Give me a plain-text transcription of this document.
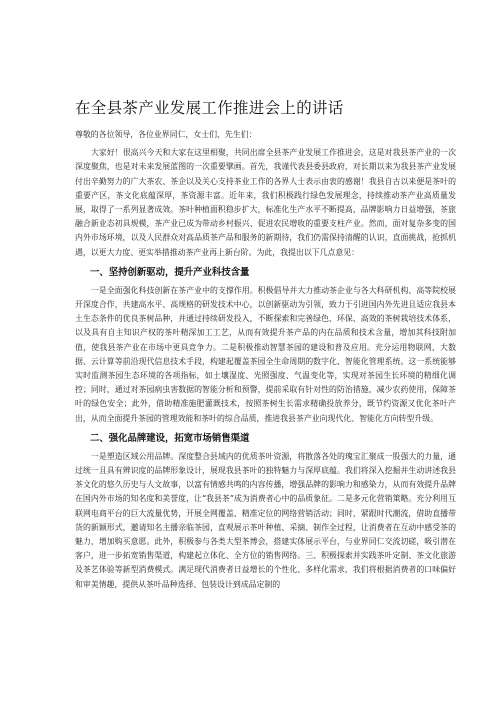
在全县茶产业发展工作推进会上的讲话

尊敬的各位领导，各位业界同仁，女士们、先生们：

大家好！很高兴今天和大家在这里相聚，共同出席全县茶产业发展工作推进会，这是对我县茶产业的一次深度聚焦，也是对未来发展蓝图的一次重要擘画。首先，我谨代表县委县政府，对长期以来为我县茶产业发展付出辛勤努力的广大茶农、茶企以及关心支持茶业工作的各界人士表示由衷的感谢！我县自古以来便是茶叶的重要产区，茶文化底蕴深厚，茶资源丰富。近年来，我们积极践行绿色发展理念，持续推动茶产业高质量发展，取得了一系列显著成效。茶叶种植面积稳步扩大，标准化生产水平不断提高，品牌影响力日益增强，茶旅融合新业态初具规模，茶产业已成为带动乡村振兴、促进农民增收的重要支柱产业。然而，面对复杂多变的国内外市场环境，以及人民群众对高品质茶产品和服务的新期待，我们仍需保持清醒的认识，直面挑战，抢抓机遇，以更大力度、更实举措推动茶产业再上新台阶。为此，我提出以下几点意见：

一、坚持创新驱动，提升产业科技含量

一是全面强化科技创新在茶产业中的支撑作用。积极倡导并大力推动茶企业与各大科研机构、高等院校展开深度合作，共建高水平、高规格的研发技术中心，以创新驱动为引领，致力于引进国内外先进且适应我县本土生态条件的优良茶树品种，并通过持续研发投入，不断探索和完善绿色、环保、高效的茶树栽培技术体系，以及具有自主知识产权的茶叶精深加工工艺，从而有效提升茶产品的内在品质和技术含量，增加其科技附加值，使我县茶产业在市场中更具竞争力。二是积极推动智慧茶园的建设和普及应用。充分运用物联网、大数据、云计算等前沿现代信息技术手段，构建起覆盖茶园全生命周期的数字化、智能化管理系统。这一系统能够实时监测茶园生态环境的各项指标，如土壤湿度、光照强度、气温变化等，实现对茶园生长环境的精细化调控；同时，通过对茶园病虫害数据的智能分析和预警，提前采取有针对性的防治措施，减少农药使用，保障茶叶的绿色安全；此外，借助精准施肥灌溉技术，按照茶树生长需求精确投放养分，既节约资源又优化茶叶产出，从而全面提升茶园的管理效能和茶叶的综合品质，推进我县茶产业向现代化、智能化方向转型升级。

二、强化品牌建设，拓宽市场销售渠道

一是塑造区域公用品牌。深度整合县域内的优质茶叶资源，将散落各处的瑰宝汇聚成一股强大的力量，通过统一且具有辨识度的品牌形象设计，展现我县茶叶的独特魅力与深厚底蕴。我们将深入挖掘并生动讲述我县茶文化的悠久历史与人文故事，以富有情感共鸣的内容传播，增强品牌的影响力和感染力，从而有效提升品牌在国内外市场的知名度和美誉度，让“我县茶”成为消费者心中的品质象征。二是多元化营销策略。充分利用互联网电商平台的巨大流量优势，开展全网覆盖、精准定位的网络营销活动；同时，紧跟时代潮流，借助直播带货的新颖形式，邀请知名主播亲临茶园，直观展示茶叶种植、采摘、制作全过程，让消费者在互动中感受茶的魅力，增加购买意愿。此外，积极参与各类大型茶博会，搭建实体展示平台，与业界同仁交流切磋，吸引潜在客户，进一步拓宽销售渠道，构建起立体化、全方位的销售网络。三、积极探索并实践茶叶定制、茶文化旅游及茶艺体验等新型消费模式。满足现代消费者日益增长的个性化、多样化需求，我们将根据消费者的口味偏好和审美情趣，提供从茶叶品种选择、包装设计到成品定制的
